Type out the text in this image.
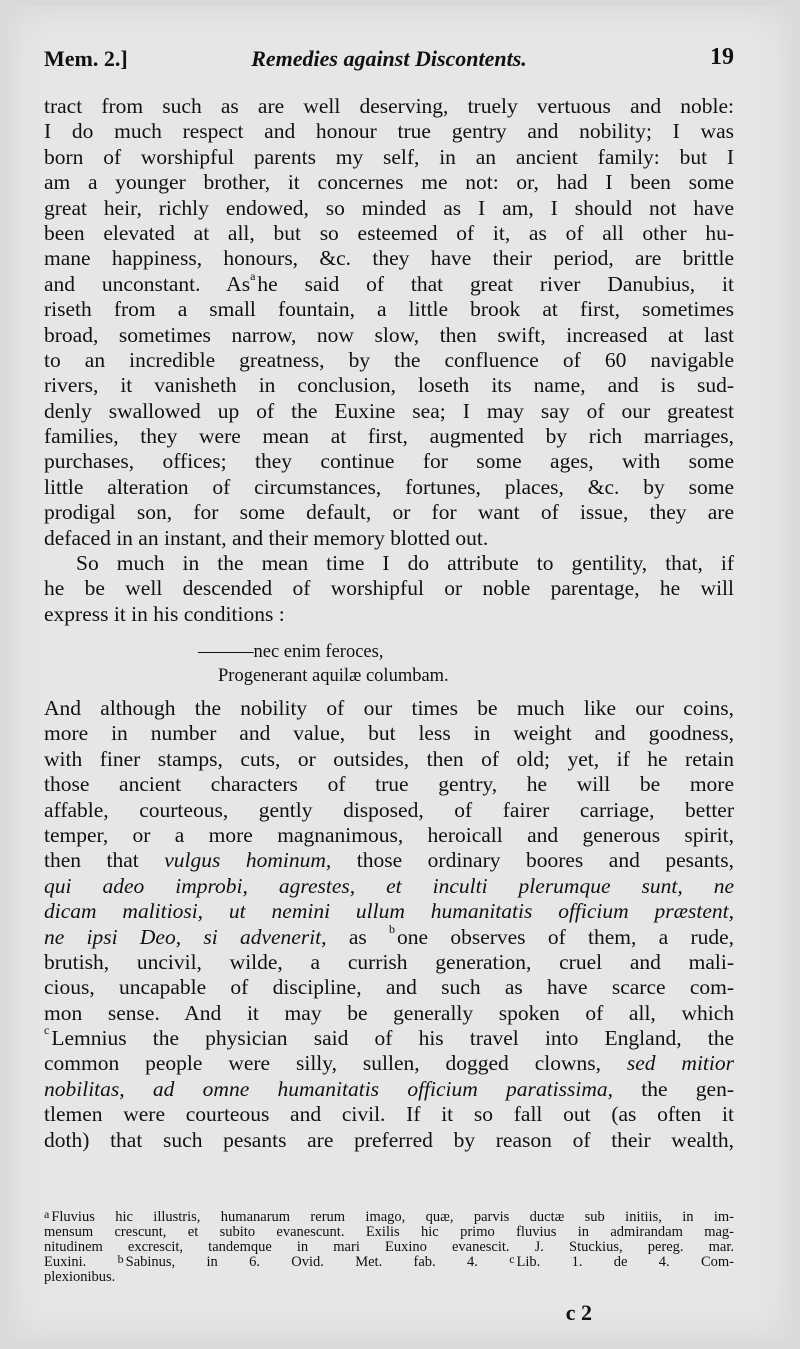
Mem. 2.]	Remedies against Discontents.	19
tract from such as are well deserving, truely vertuous and noble:
I do much respect and honour true gentry and nobility; I was
born of worshipful parents my self, in an ancient family: but I
am a younger brother, it concernes me not: or, had I been some
great heir, richly endowed, so minded as I am, I should not have
been elevated at all, but so esteemed of it, as of all other hu-
mane happiness, honours, &c. they have their period, are brittle
and unconstant. As$^a$he said of that great river Danubius, it
riseth from a small fountain, a little brook at first, sometimes
broad, sometimes narrow, now slow, then swift, increased at last
to an incredible greatness, by the confluence of 60 navigable
rivers, it vanisheth in conclusion, loseth its name, and is sud-
denly swallowed up of the Euxine sea; I may say of our greatest
families, they were mean at first, augmented by rich marriages,
purchases, offices; they continue for some ages, with some
little alteration of circumstances, fortunes, places, &c. by some
prodigal son, for some default, or for want of issue, they are
defaced in an instant, and their memory blotted out.
So much in the mean time I do attribute to gentility, that, if
he be well descended of worshipful or noble parentage, he will
express it in his conditions :
———nec enim feroces,
Progenerant aquilæ columbam.
And although the nobility of our times be much like our coins,
more in number and value, but less in weight and goodness,
with finer stamps, cuts, or outsides, then of old; yet, if he retain
those ancient characters of true gentry, he will be more
affable, courteous, gently disposed, of fairer carriage, better
temper, or a more magnanimous, heroicall and generous spirit,
then that vulgus hominum, those ordinary boores and pesants,
qui adeo improbi, agrestes, et inculti plerumque sunt, ne
dicam malitiosi, ut nemini ullum humanitatis officium præstent,
ne ipsi Deo, si advenerit, as $^b$one observes of them, a rude,
brutish, uncivil, wilde, a currish generation, cruel and mali-
cious, uncapable of discipline, and such as have scarce com-
mon sense. And it may be generally spoken of all, which
$^c$Lemnius the physician said of his travel into England, the
common people were silly, sullen, dogged clowns, sed mitior
nobilitas, ad omne humanitatis officium paratissima, the gen-
tlemen were courteous and civil. If it so fall out (as often it
doth) that such pesants are preferred by reason of their wealth,
$^a$ Fluvius hic illustris, humanarum rerum imago, quæ, parvis ductæ sub initiis, in im-
mensum crescunt, et subito evanescunt. Exilis hic primo fluvius in admirandam mag-
nitudinem excrescit, tandemque in mari Euxino evanescit. J. Stuckius, pereg. mar.
Euxini.	$^b$ Sabinus, in 6. Ovid. Met. fab. 4.	$^c$ Lib. 1. de 4. Com-
plexionibus.
c 2
